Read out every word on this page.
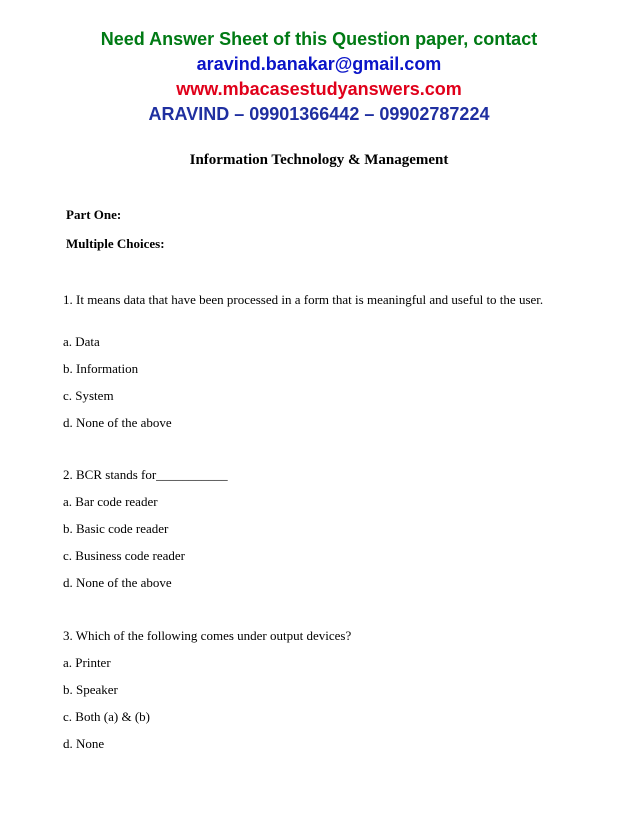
Need Answer Sheet of this Question paper, contact
aravind.banakar@gmail.com
www.mbacasestudyanswers.com
ARAVIND – 09901366442 – 09902787224
Information Technology & Management
Part One:
Multiple Choices:
1. It means data that have been processed in a form that is meaningful and useful to the user.
a. Data
b. Information
c. System
d. None of the above
2. BCR stands for___________
a. Bar code reader
b. Basic code reader
c. Business code reader
d. None of the above
3. Which of the following comes under output devices?
a. Printer
b. Speaker
c. Both (a) & (b)
d. None
